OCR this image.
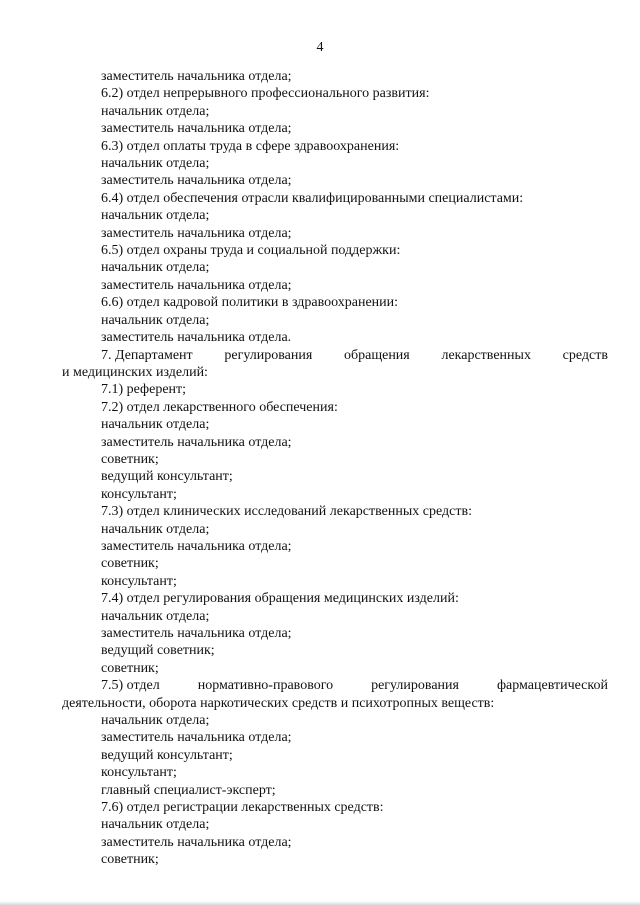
4
заместитель начальника отдела;
6.2) отдел непрерывного профессионального развития:
начальник отдела;
заместитель начальника отдела;
6.3) отдел оплаты труда в сфере здравоохранения:
начальник отдела;
заместитель начальника отдела;
6.4) отдел обеспечения отрасли квалифицированными специалистами:
начальник отдела;
заместитель начальника отдела;
6.5) отдел охраны труда и социальной поддержки:
начальник отдела;
заместитель начальника отдела;
6.6) отдел кадровой политики в здравоохранении:
начальник отдела;
заместитель начальника отдела.
7. Департамент регулирования обращения лекарственных средств
и медицинских изделий:
7.1) референт;
7.2) отдел лекарственного обеспечения:
начальник отдела;
заместитель начальника отдела;
советник;
ведущий консультант;
консультант;
7.3) отдел клинических исследований лекарственных средств:
начальник отдела;
заместитель начальника отдела;
советник;
консультант;
7.4) отдел регулирования обращения медицинских изделий:
начальник отдела;
заместитель начальника отдела;
ведущий советник;
советник;
7.5) отдел	нормативно-правового	регулирования	фармацевтической
деятельности, оборота наркотических средств и психотропных веществ:
начальник отдела;
заместитель начальника отдела;
ведущий консультант;
консультант;
главный специалист-эксперт;
7.6) отдел регистрации лекарственных средств:
начальник отдела;
заместитель начальника отдела;
советник;
